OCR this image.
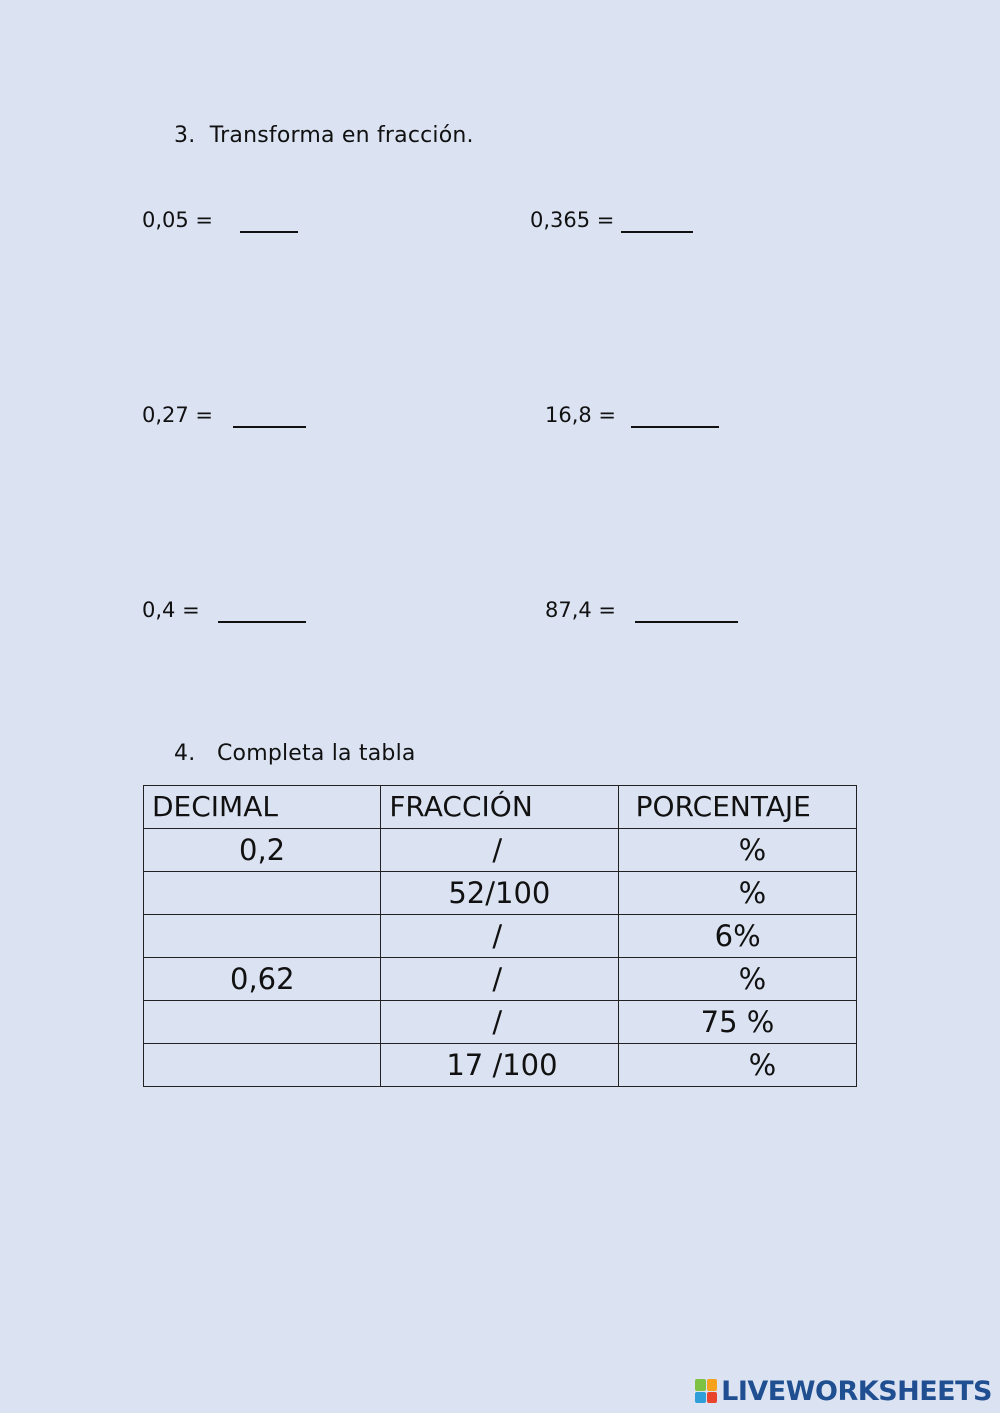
3.  Transforma en fracción.
0,05 =	0,365 =
0,27 =	16,8 =
0,4 =	87,4 =
4.   Completa la tabla
DECIMAL	FRACCIÓN	PORCENTAJE
0,2	/	%
	52/100	%
	/	6%
0,62	/	%
	/	75 %
	17 /100	%
LIVEWORKSHEETS
